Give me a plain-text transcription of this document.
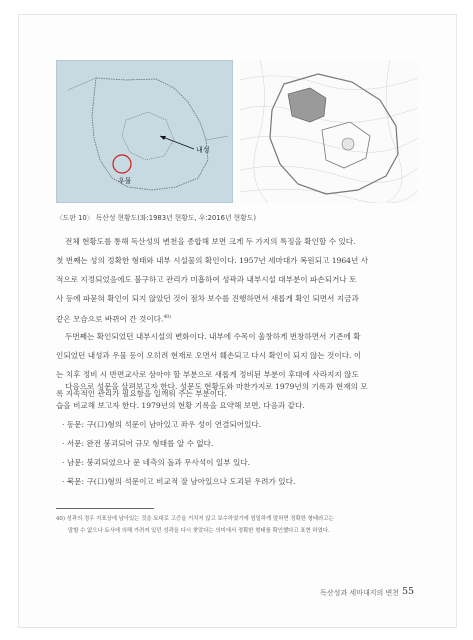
내성
우물
〈도판 10〉 독산성 현황도(좌:1983년 현황도, 우:2016년 현황도)
전체 현황도를 통해 독산성의 변천을 종합해 보면 크게 두 가지의 특징을 확인할 수 있다.
첫 번째는 성의 정확한 형태와 내부 시설물의 확인이다. 1957년 세마대가 복원되고 1964년 사
적으로 지정되었음에도 불구하고 관리가 미흡하여 성곽과 내부시설 대부분이 파손되거나 토
사 등에 파묻혀 확인이 되지 않았던 것이 점차 보수를 진행하면서 새롭게 확인 되면서 지금과
같은 모습으로 바뀌어 간 것이다.$^{40)}$
두번째는 확인되었던 내부시설의 변화이다. 내부에 수목이 울창하게 번창하면서 기존에 확
인되었던 내성과 우물 등이 오히려 현재로 오면서 훼손되고 다시 확인이 되지 않는 것이다. 이
는 치후 정비 시 반면교사로 삼아야 할 부분으로 새롭게 정비된 부분이 후대에 사라지지 않도
록 지속적인 관리가 필요함을 일깨워 주는 부분이다.
다음으로 성문을 살펴보고자 한다. 성문도 현황도와 마찬가지로 1979년의 기록과 현재의 모
습을 비교해 보고자 한다. 1979년의 현황 기록을 요약해 보면, 다음과 같다.
· 동문: 구(口)형의 석문이 남아있고 좌우 성이 연결되어있다.
· 서문: 완전 붕괴되어 규모 형태를 알 수 없다.
· 남문: 붕괴되었으나 문 네측의 돌과 무사석이 일부 있다.
· 북문: 구(口)형의 석문이고 비교적 잘 남아있으나 도괴된 우려가 있다.
40) 성곽의 경우 지표상에 남아있는 것을 토대로 고증을 거치지 않고 보수하였기에 엄밀하게 말하면 정확한 형태라고는
말할 수 없으나 토사에 의해 가려져 있던 성곽을 다시 찾았다는 의미에서 정확한 형태를 확인했다고 표현 하였다.
독산성과 세마대지의 변천 55
